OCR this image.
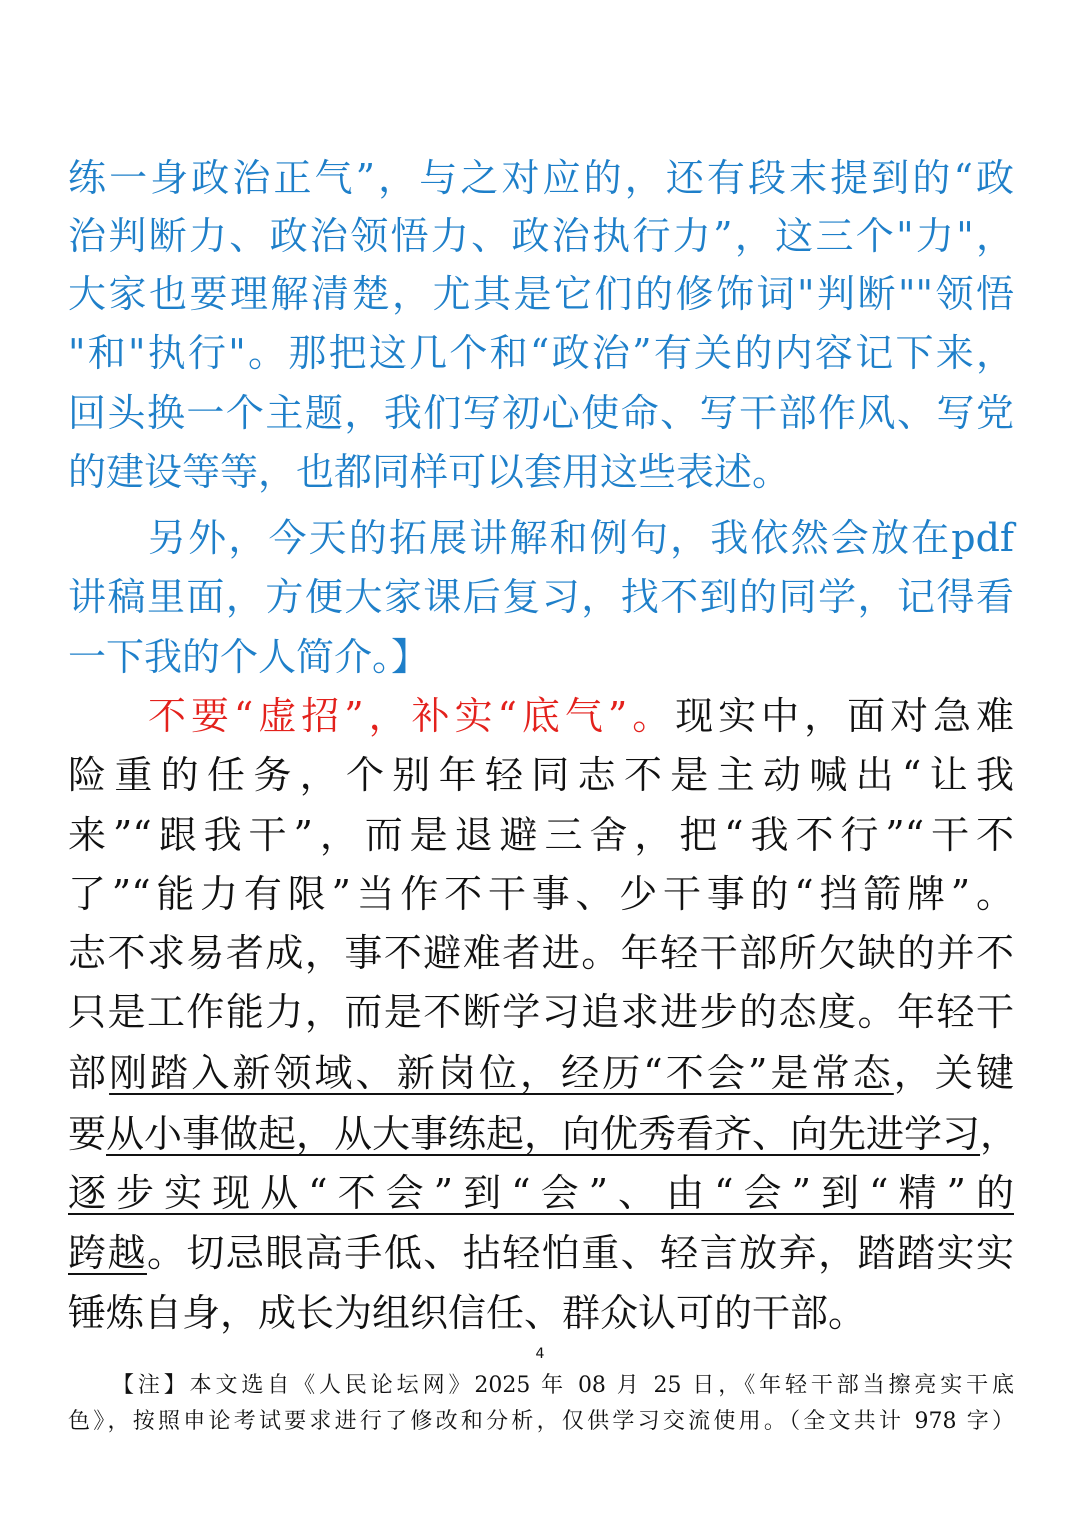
练一身政治正气”，与之对应的，还有段末提到的“政
治判断力、政治领悟力、政治执行力”，这三个"力"，
大家也要理解清楚，尤其是它们的修饰词"判断""领悟
"和"执行"。那把这几个和“政治”有关的内容记下来，
回头换一个主题，我们写初心使命、写干部作风、写党
的建设等等，也都同样可以套用这些表述。
另外，今天的拓展讲解和例句，我依然会放在pdf
讲稿里面，方便大家课后复习，找不到的同学，记得看
一下我的个人简介。】
不要“虚招”，补实“底气”。现实中，面对急难
险重的任务，个别年轻同志不是主动喊出“让我
来”“跟我干”，而是退避三舍，把“我不行”“干不
了”“能力有限”当作不干事、少干事的“挡箭牌”。
志不求易者成，事不避难者进。年轻干部所欠缺的并不
只是工作能力，而是不断学习追求进步的态度。年轻干
部刚踏入新领域、新岗位，经历“不会”是常态，关键
要从小事做起，从大事练起，向优秀看齐、向先进学习，
逐步实现从“不会”到“会”、由“会”到“精”的
跨越。切忌眼高手低、拈轻怕重、轻言放弃，踏踏实实
锤炼自身，成长为组织信任、群众认可的干部。
4
【注】本文选自《人民论坛网》2025 年 08 月 25 日，《年轻干部当擦亮实干底
色》，按照申论考试要求进行了修改和分析，仅供学习交流使用。（全文共计 978 字）
